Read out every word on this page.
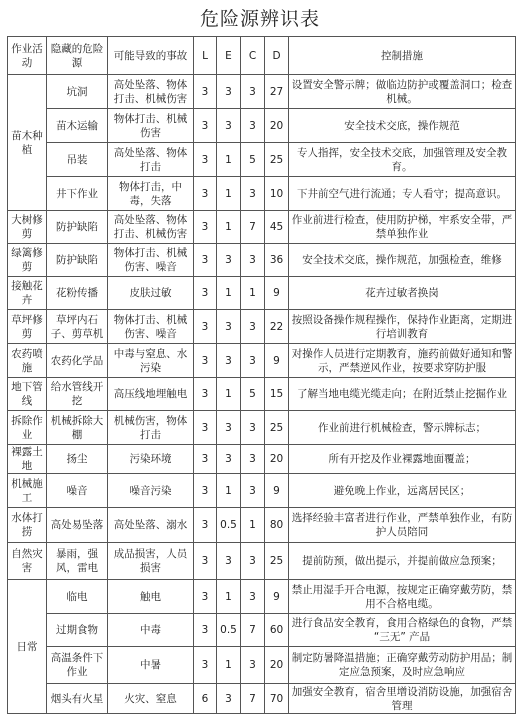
危险源辨识表
作业活动	隐藏的危险源	可能导致的事故	L	E	C	D	控制措施
苗木种植	坑洞	高处坠落、物体打击、机械伤害	3	3	3	27	设置安全警示牌；做临边防护或覆盖洞口；检查机械。
	苗木运输	物体打击、机械伤害	3	3	3	20	安全技术交底，操作规范
	吊装	高处坠落、物体打击	3	1	5	25	专人指挥，安全技术交底，加强管理及安全教育。
	井下作业	物体打击，中毒，失落	3	1	3	10	下井前空气进行流通；专人看守；提高意识。
大树修剪	防护缺陷	高处坠落、物体打击、机械伤害	3	1	7	45	作业前进行检查，使用防护梯，牢系安全带，严禁单独作业
绿篱修剪	防护缺陷	物体打击、机械伤害、噪音	3	3	3	36	安全技术交底，操作规范，加强检查，维修
接触花卉	花粉传播	皮肤过敏	3	1	1	9	花卉过敏者换岗
草坪修剪	草坪内石子、剪草机	物体打击、机械伤害、噪音	3	3	3	22	按照设备操作规程操作，保持作业距离，定期进行培训教育
农药喷施	农药化学品	中毒与窒息、水污染	3	3	3	9	对操作人员进行定期教育，施药前做好通知和警示，严禁逆风作业，按要求穿防护服
地下管线	给水管线开挖	高压线地埋触电	3	1	5	15	了解当地电缆光缆走向；在附近禁止挖掘作业
拆除作业	机械拆除大棚	机械伤害，物体打击	3	3	3	25	作业前进行机械检查，警示牌标志；
裸露土地	扬尘	污染环境	3	3	3	20	所有开挖及作业裸露地面覆盖；
机械施工	噪音	噪音污染	3	1	3	9	避免晚上作业，远离居民区；
水体打捞	高处易坠落	高处坠落、溺水	3	0.5	1	80	选择经验丰富者进行作业，严禁单独作业，有防护人员陪同
自然灾害	暴雨，强风，雷电	成品损害，人员损害	3	3	3	25	提前防预，做出提示，并提前做应急预案；
日常	临电	触电	3	1	3	9	禁止用湿手开合电源，按规定正确穿戴劳防，禁用不合格电缆。
	过期食物	中毒	3	0.5	7	60	进行食品安全教育，食用合格绿色的食物，严禁 “三无” 产品
	高温条件下作业	中暑	3	1	3	20	制定防暑降温措施；正确穿戴劳动防护用品；制定应急预案，及时应急响应
	烟头有火星	火灾、窒息	6	3	7	70	加强安全教育，宿舍里增设消防设施，加强宿舍管理
